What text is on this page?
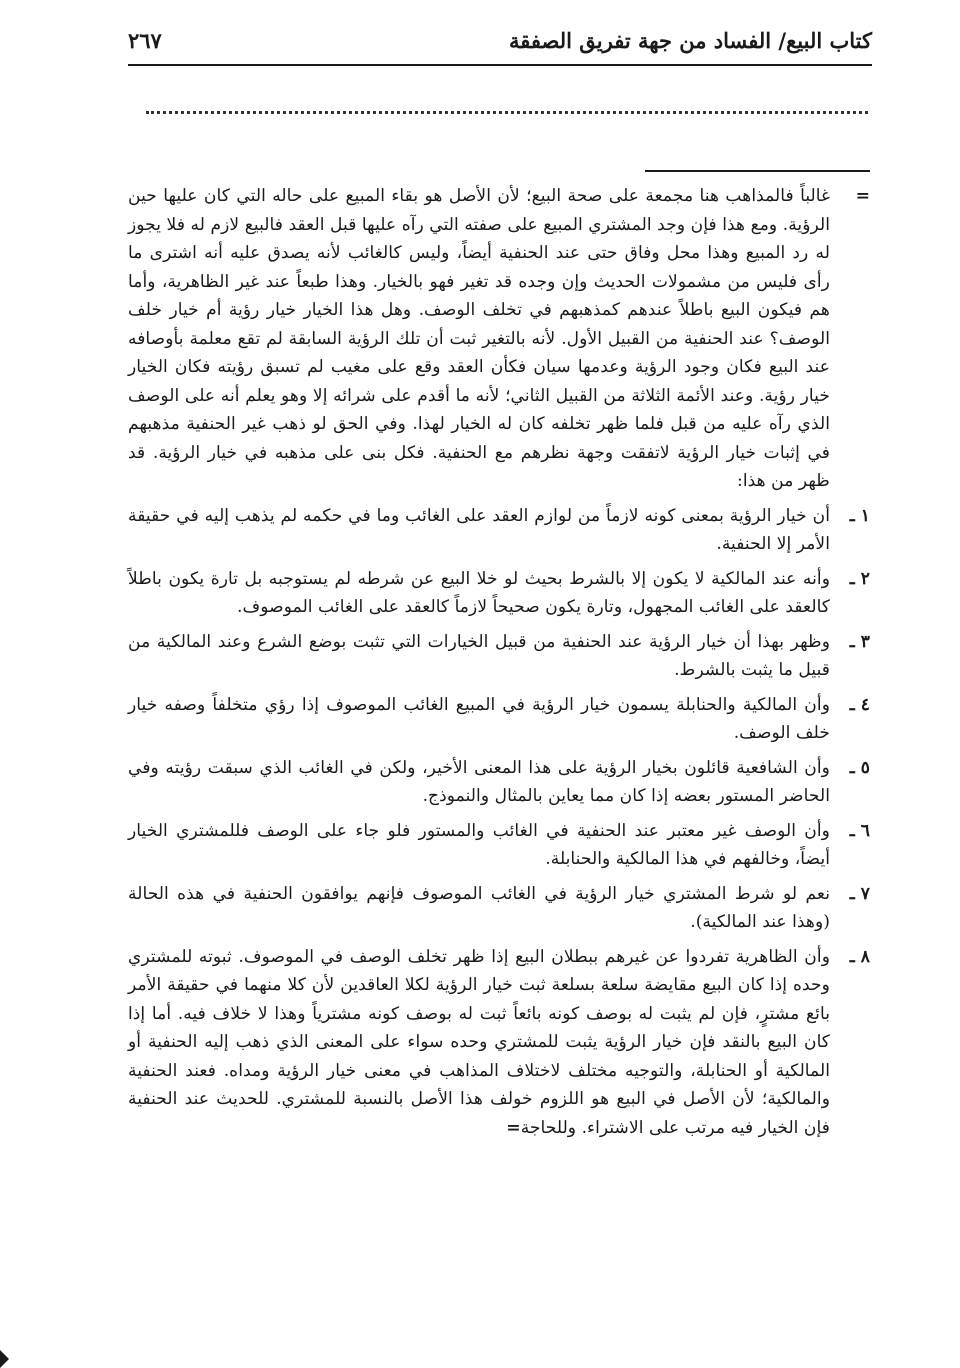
كتاب البيع/ الفساد من جهة تفريق الصفقة
٢٦٧
=
غالباً فالمذاهب هنا مجمعة على صحة البيع؛ لأن الأصل هو بقاء المبيع على حاله التي كان عليها حين الرؤية. ومع هذا فإن وجد المشتري المبيع على صفته التي رآه عليها قبل العقد فالبيع لازم له فلا يجوز له رد المبيع وهذا محل وفاق حتى عند الحنفية أيضاً، وليس كالغائب لأنه يصدق عليه أنه اشترى ما رأى فليس من مشمولات الحديث وإن وجده قد تغير فهو بالخيار. وهذا طبعاً عند غير الظاهرية، وأما هم فيكون البيع باطلاً عندهم كمذهبهم في تخلف الوصف. وهل هذا الخيار خيار رؤية أم خيار خلف الوصف؟ عند الحنفية من القبيل الأول. لأنه بالتغير ثبت أن تلك الرؤية السابقة لم تقع معلمة بأوصافه عند البيع فكان وجود الرؤية وعدمها سيان فكأن العقد وقع على مغيب لم تسبق رؤيته فكان الخيار خيار رؤية. وعند الأئمة الثلاثة من القبيل الثاني؛ لأنه ما أقدم على شرائه إلا وهو يعلم أنه على الوصف الذي رآه عليه من قبل فلما ظهر تخلفه كان له الخيار لهذا. وفي الحق لو ذهب غير الحنفية مذهبهم في إثبات خيار الرؤية لاتفقت وجهة نظرهم مع الحنفية. فكل بنى على مذهبه في خيار الرؤية. قد ظهر من هذا:
١ ـ
أن خيار الرؤية بمعنى كونه لازماً من لوازم العقد على الغائب وما في حكمه لم يذهب إليه في حقيقة الأمر إلا الحنفية.
٢ ـ
وأنه عند المالكية لا يكون إلا بالشرط بحيث لو خلا البيع عن شرطه لم يستوجبه بل تارة يكون باطلاً كالعقد على الغائب المجهول، وتارة يكون صحيحاً لازماً كالعقد على الغائب الموصوف.
٣ ـ
وظهر بهذا أن خيار الرؤية عند الحنفية من قبيل الخيارات التي تثبت بوضع الشرع وعند المالكية من قبيل ما يثبت بالشرط.
٤ ـ
وأن المالكية والحنابلة يسمون خيار الرؤية في المبيع الغائب الموصوف إذا رؤي متخلفاً وصفه خيار خلف الوصف.
٥ ـ
وأن الشافعية قائلون بخيار الرؤية على هذا المعنى الأخير، ولكن في الغائب الذي سبقت رؤيته وفي الحاضر المستور بعضه إذا كان مما يعاين بالمثال والنموذج.
٦ ـ
وأن الوصف غير معتبر عند الحنفية في الغائب والمستور فلو جاء على الوصف فللمشتري الخيار أيضاً، وخالفهم في هذا المالكية والحنابلة.
٧ ـ
نعم لو شرط المشتري خيار الرؤية في الغائب الموصوف فإنهم يوافقون الحنفية في هذه الحالة (وهذا عند المالكية).
٨ ـ
وأن الظاهرية تفردوا عن غيرهم ببطلان البيع إذا ظهر تخلف الوصف في الموصوف. ثبوته للمشتري وحده إذا كان البيع مقايضة سلعة بسلعة ثبت خيار الرؤية لكلا العاقدين لأن كلا منهما في حقيقة الأمر بائع مشترٍ، فإن لم يثبت له بوصف كونه بائعاً ثبت له بوصف كونه مشترياً وهذا لا خلاف فيه. أما إذا كان البيع بالنقد فإن خيار الرؤية يثبت للمشتري وحده سواء على المعنى الذي ذهب إليه الحنفية أو المالكية أو الحنابلة، والتوجيه مختلف لاختلاف المذاهب في معنى خيار الرؤية ومداه. فعند الحنفية والمالكية؛ لأن الأصل في البيع هو اللزوم خولف هذا الأصل بالنسبة للمشتري. للحديث عند الحنفية فإن الخيار فيه مرتب على الاشتراء. وللحاجة=
